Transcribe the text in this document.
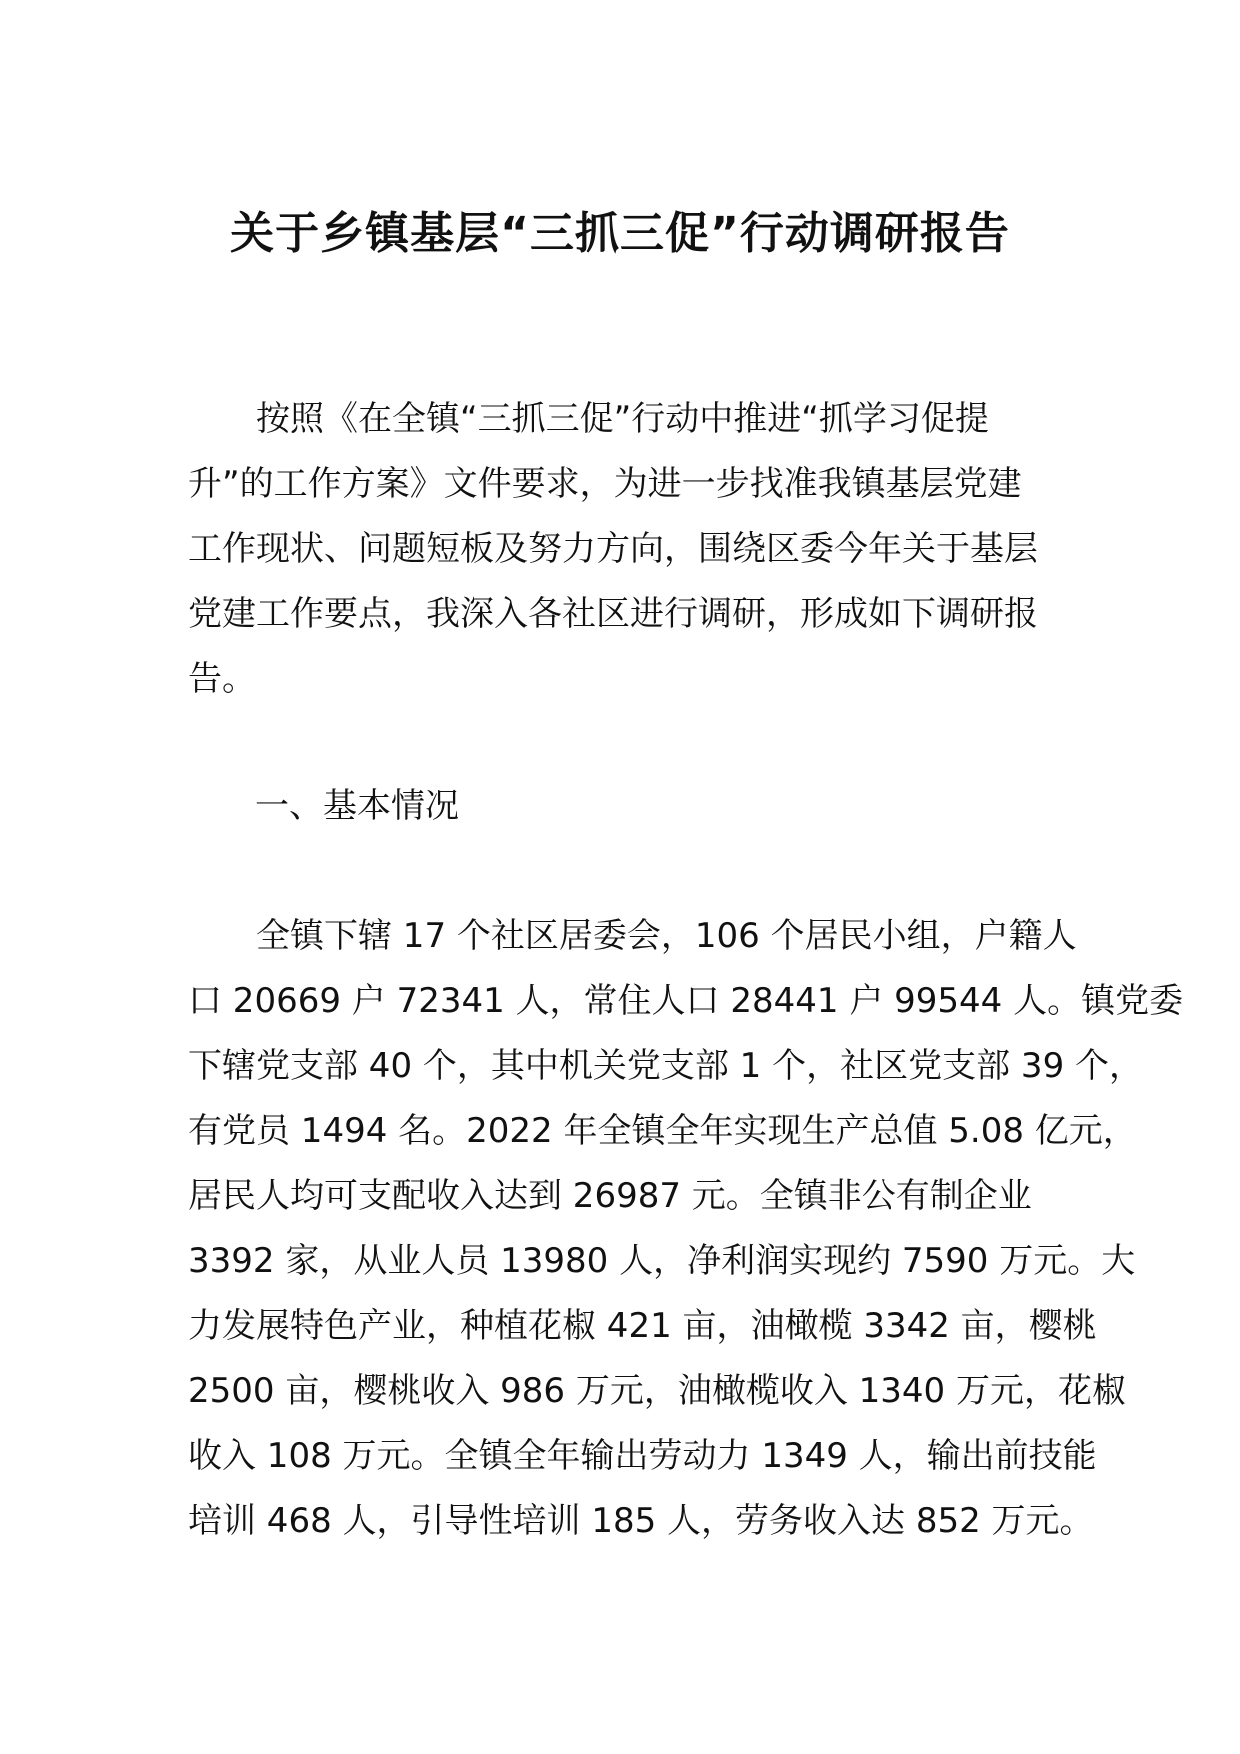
关于乡镇基层“三抓三促”行动调研报告

按照《在全镇“三抓三促”行动中推进“抓学习促提
升”的工作方案》文件要求，为进一步找准我镇基层党建
工作现状、问题短板及努力方向，围绕区委今年关于基层
党建工作要点，我深入各社区进行调研，形成如下调研报
告。

一、基本情况

全镇下辖 17 个社区居委会，106 个居民小组，户籍人
口 20669 户 72341 人，常住人口 28441 户 99544 人。镇党委
下辖党支部 40 个，其中机关党支部 1 个，社区党支部 39 个，
有党员 1494 名。2022 年全镇全年实现生产总值 5.08 亿元，
居民人均可支配收入达到 26987 元。全镇非公有制企业
3392 家，从业人员 13980 人，净利润实现约 7590 万元。大
力发展特色产业，种植花椒 421 亩，油橄榄 3342 亩，樱桃
2500 亩，樱桃收入 986 万元，油橄榄收入 1340 万元，花椒
收入 108 万元。全镇全年输出劳动力 1349 人，输出前技能
培训 468 人，引导性培训 185 人，劳务收入达 852 万元。
